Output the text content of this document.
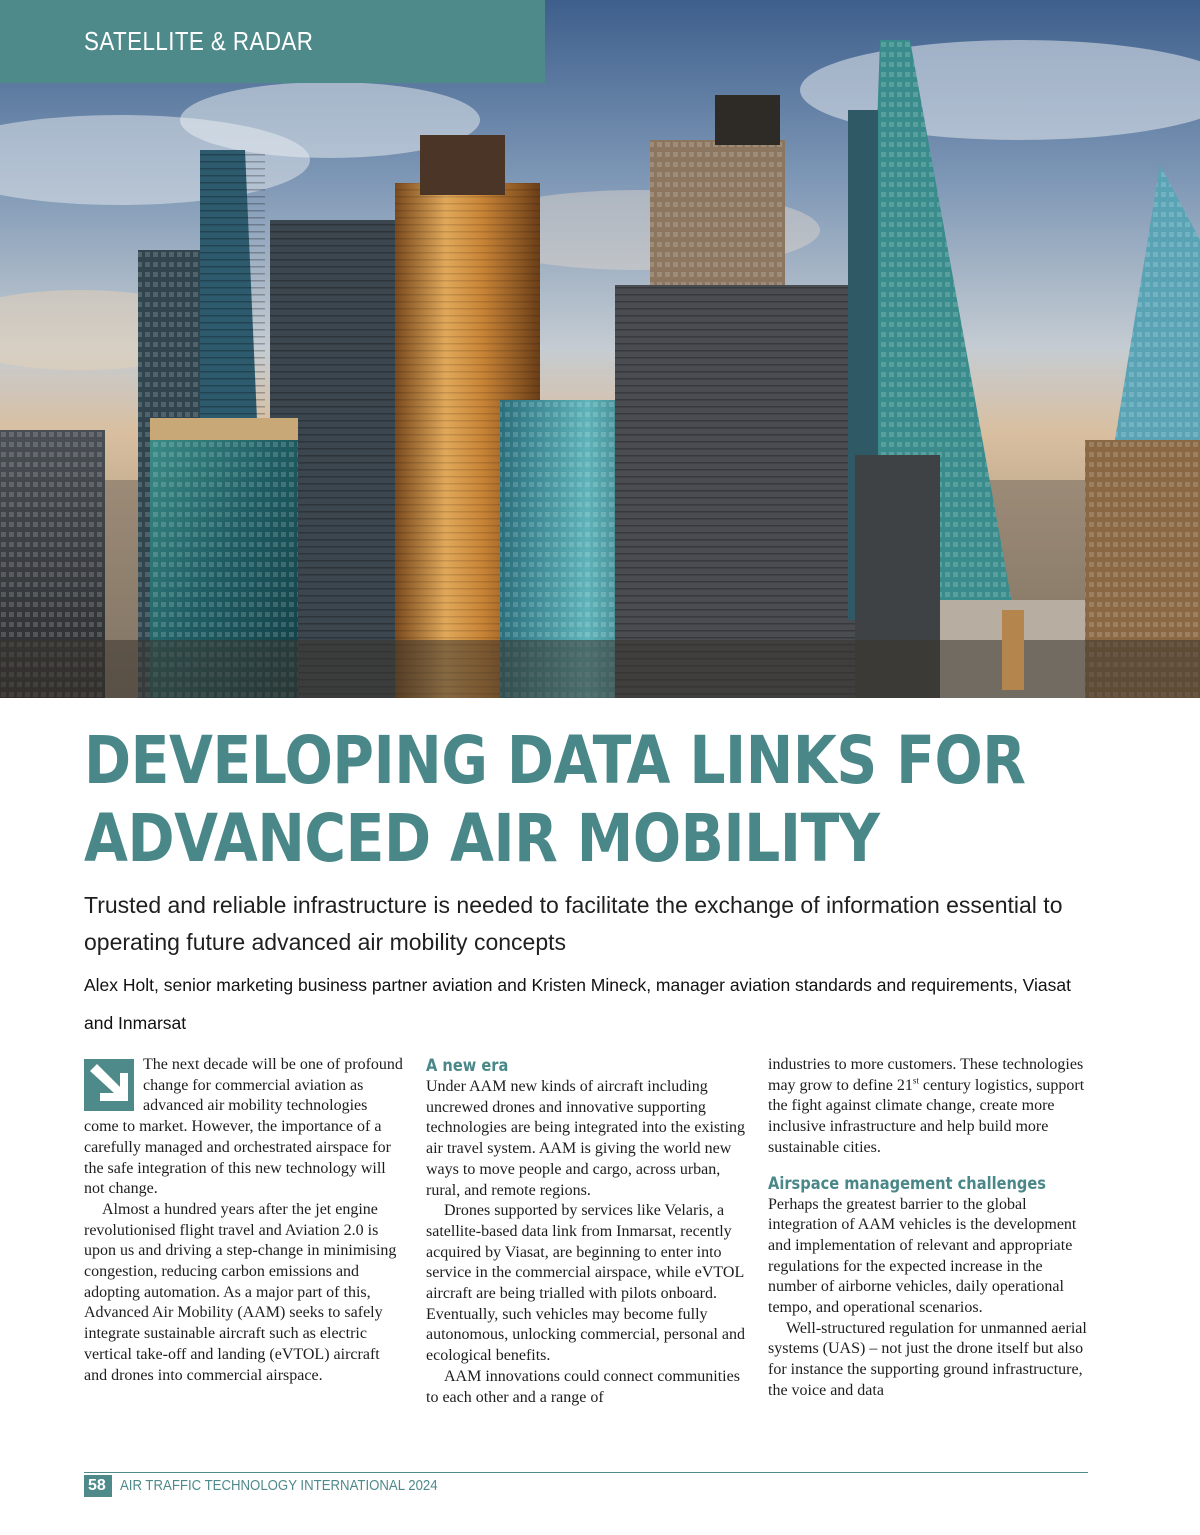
SATELLITE & RADAR
DEVELOPING DATA LINKS FOR
ADVANCED AIR MOBILITY
Trusted and reliable infrastructure is needed to facilitate the exchange of information essential to operating future advanced air mobility concepts
Alex Holt, senior marketing business partner aviation and Kristen Mineck, manager aviation standards and requirements, Viasat and Inmarsat

The next decade will be one of profound change for commercial aviation as advanced air mobility technologies come to market. However, the importance of a carefully managed and orchestrated airspace for the safe integration of this new technology will not change.

Almost a hundred years after the jet engine revolutionised flight travel and Aviation 2.0 is upon us and driving a step-change in minimising congestion, reducing carbon emissions and adopting automation. As a major part of this, Advanced Air Mobility (AAM) seeks to safely integrate sustainable aircraft such as electric vertical take-off and landing (eVTOL) aircraft and drones into commercial airspace.

A new era

Under AAM new kinds of aircraft including uncrewed drones and innovative supporting technologies are being integrated into the existing air travel system. AAM is giving the world new ways to move people and cargo, across urban, rural, and remote regions.

Drones supported by services like Velaris, a satellite-based data link from Inmarsat, recently acquired by Viasat, are beginning to enter into service in the commercial airspace, while eVTOL aircraft are being trialled with pilots onboard. Eventually, such vehicles may become fully autonomous, unlocking commercial, personal and ecological benefits.

AAM innovations could connect communities to each other and a range of

industries to more customers. These technologies may grow to define 21st century logistics, support the fight against climate change, create more inclusive infrastructure and help build more sustainable cities.

Airspace management challenges

Perhaps the greatest barrier to the global integration of AAM vehicles is the development and implementation of relevant and appropriate regulations for the expected increase in the number of airborne vehicles, daily operational tempo, and operational scenarios.

Well-structured regulation for unmanned aerial systems (UAS) – not just the drone itself but also for instance the supporting ground infrastructure, the voice and data

58 AIR TRAFFIC TECHNOLOGY INTERNATIONAL 2024
